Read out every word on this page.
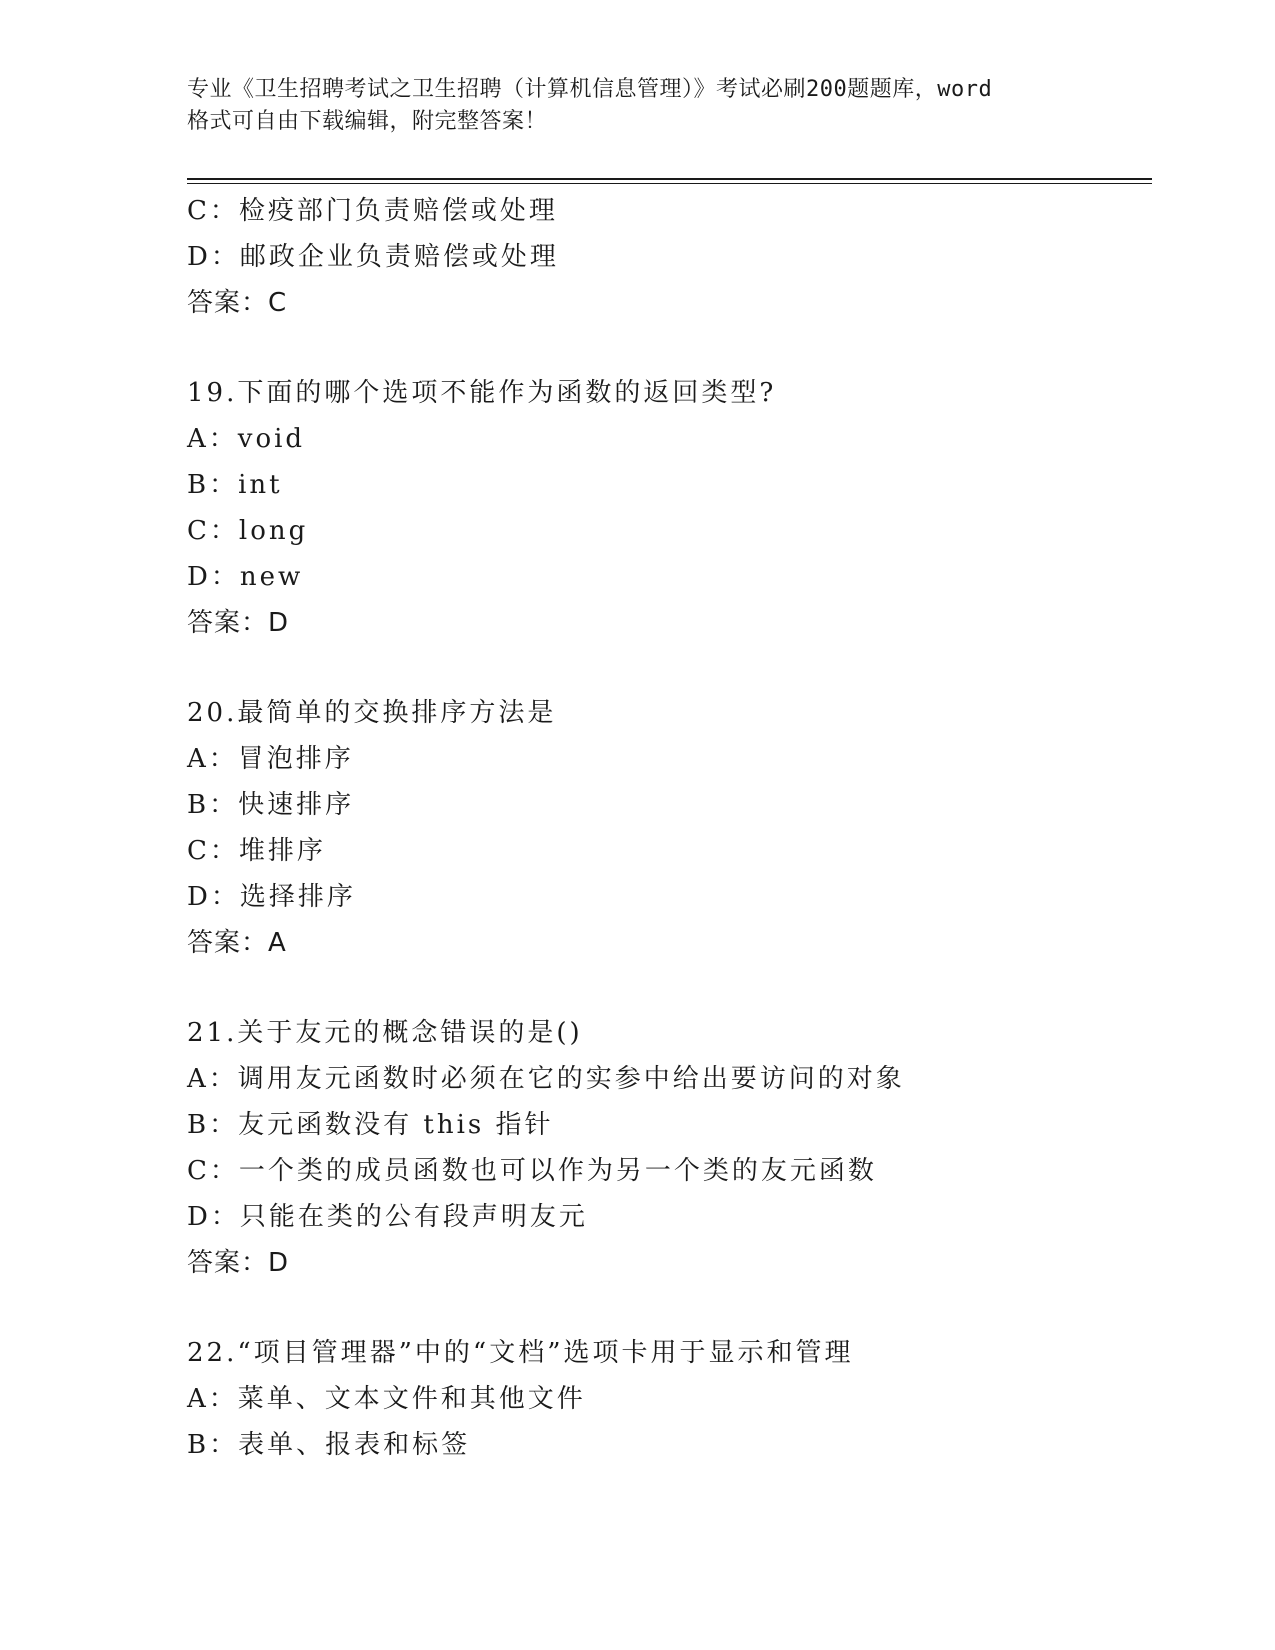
专业《卫生招聘考试之卫生招聘（计算机信息管理）》考试必刷200题题库，word
格式可自由下载编辑，附完整答案！
C：检疫部门负责赔偿或处理
D：邮政企业负责赔偿或处理
答案：C
19.下面的哪个选项不能作为函数的返回类型?
A：void
B：int
C：long
D：new
答案：D
20.最简单的交换排序方法是
A：冒泡排序
B：快速排序
C：堆排序
D：选择排序
答案：A
21.关于友元的概念错误的是()
A：调用友元函数时必须在它的实参中给出要访问的对象
B：友元函数没有 this 指针
C：一个类的成员函数也可以作为另一个类的友元函数
D：只能在类的公有段声明友元
答案：D
22.“项目管理器”中的“文档”选项卡用于显示和管理
A：菜单、文本文件和其他文件
B：表单、报表和标签
